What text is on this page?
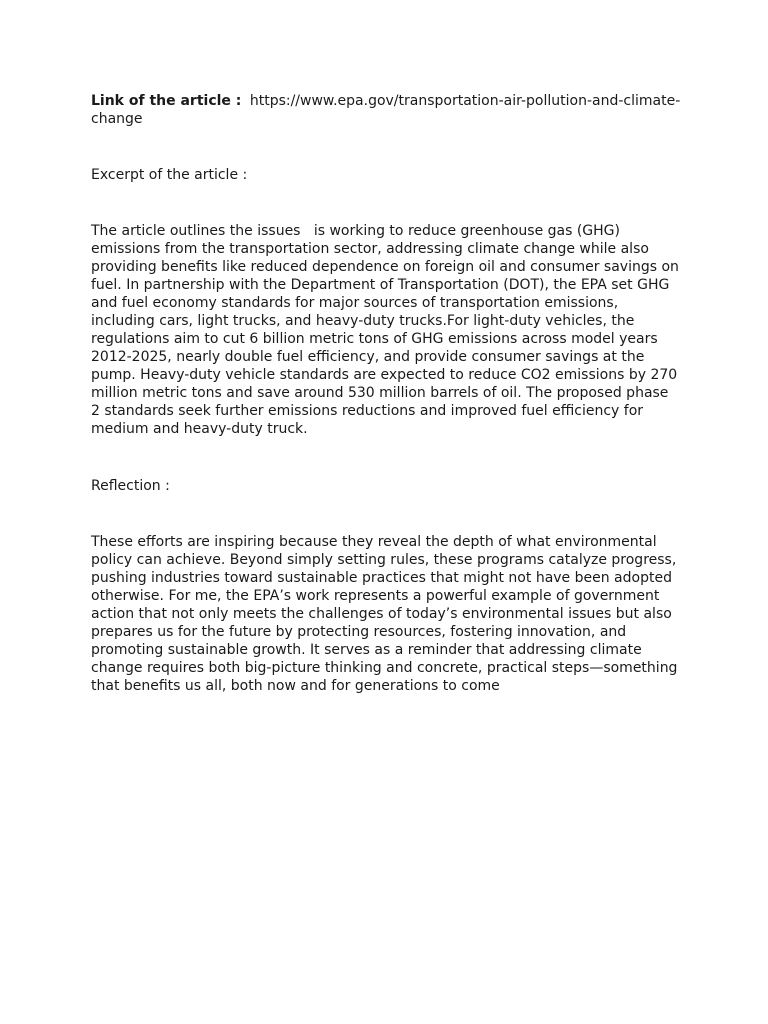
Link of the article : https://www.epa.gov/transportation-air-pollution-and-climate-change

Excerpt of the article :

The article outlines the issues   is working to reduce greenhouse gas (GHG) emissions from the transportation sector, addressing climate change while also providing benefits like reduced dependence on foreign oil and consumer savings on fuel. In partnership with the Department of Transportation (DOT), the EPA set GHG and fuel economy standards for major sources of transportation emissions, including cars, light trucks, and heavy-duty trucks.For light-duty vehicles, the regulations aim to cut 6 billion metric tons of GHG emissions across model years 2012-2025, nearly double fuel efficiency, and provide consumer savings at the pump. Heavy-duty vehicle standards are expected to reduce CO2 emissions by 270 million metric tons and save around 530 million barrels of oil. The proposed phase 2 standards seek further emissions reductions and improved fuel efficiency for medium and heavy-duty truck.

Reflection :

These efforts are inspiring because they reveal the depth of what environmental policy can achieve. Beyond simply setting rules, these programs catalyze progress, pushing industries toward sustainable practices that might not have been adopted otherwise. For me, the EPA’s work represents a powerful example of government action that not only meets the challenges of today’s environmental issues but also prepares us for the future by protecting resources, fostering innovation, and promoting sustainable growth. It serves as a reminder that addressing climate change requires both big-picture thinking and concrete, practical steps—something that benefits us all, both now and for generations to come
